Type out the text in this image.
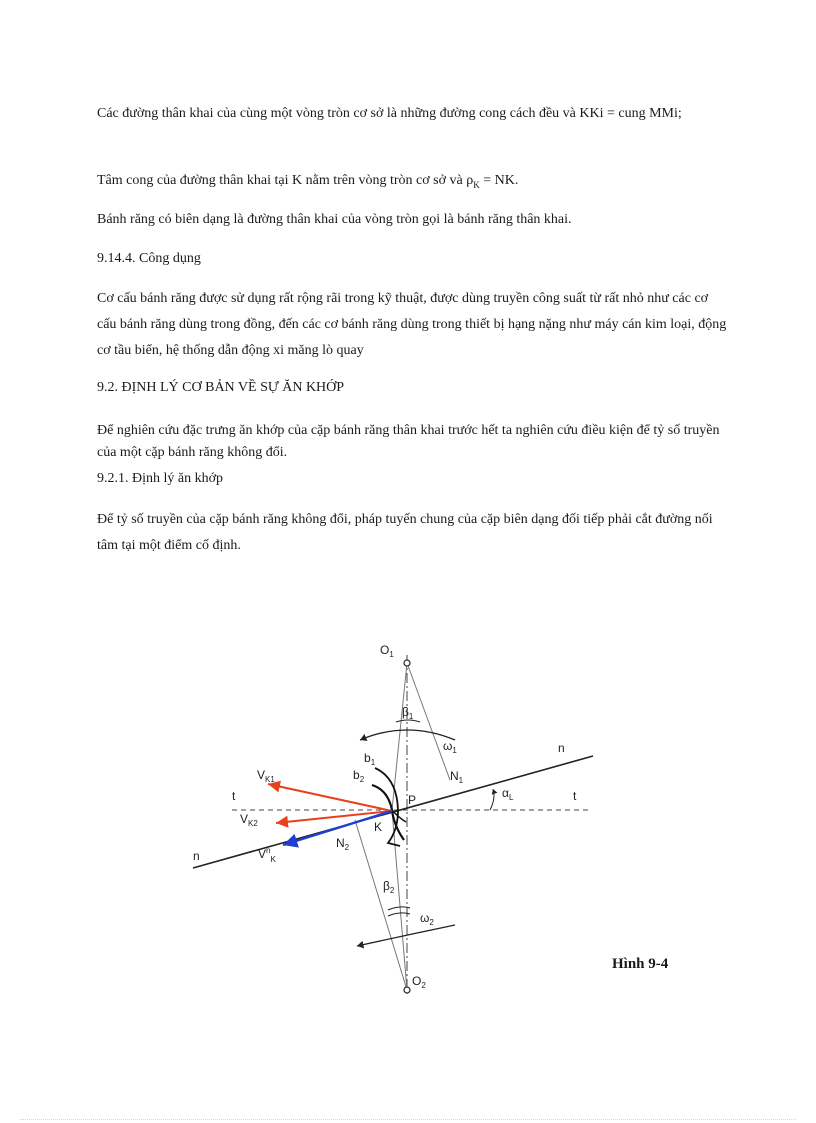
Các đường thân khai của cùng một vòng tròn cơ sở là những đường cong cách đều và KKi = cung MMi;

Tâm cong của đường thân khai tại K nằm trên vòng tròn cơ sở và $\rho_K$ = NK.

Bánh răng có biên dạng là đường thân khai của vòng tròn gọi là bánh răng thân khai.

9.14.4. Công dụng

Cơ cấu bánh răng được sử dụng rất rộng rãi trong kỹ thuật, được dùng truyền công suất từ rất nhỏ như các cơ cấu bánh răng dùng trong đồng, đến các cơ bánh răng dùng trong thiết bị hạng nặng như máy cán kim loại, động cơ tầu biển, hệ thống dẫn động xi măng lò quay

9.2. ĐỊNH LÝ CƠ BẢN VỀ SỰ ĂN KHỚP

Để nghiên cứu đặc trưng ăn khớp của cặp bánh răng thân khai trước hết ta nghiên cứu điều kiện để tỷ số truyền của một cặp bánh răng không đổi.

9.2.1. Định lý ăn khớp

Để tỷ số truyền của cặp bánh răng không đổi, pháp tuyến chung của cặp biên dạng đối tiếp phải cắt đường nối tâm tại một điểm cố định.

$O_1$
$O_2$
$\beta_1$
$\beta_2$
$\omega_1$
$\omega_2$
$\alpha_L$
n
n
t	t
$b_1$
$b_2$	$N_1$
$N_2$
P
K
$V_{K1}$
$V_{K2}$
$V^n_K$
Hình 9-4
